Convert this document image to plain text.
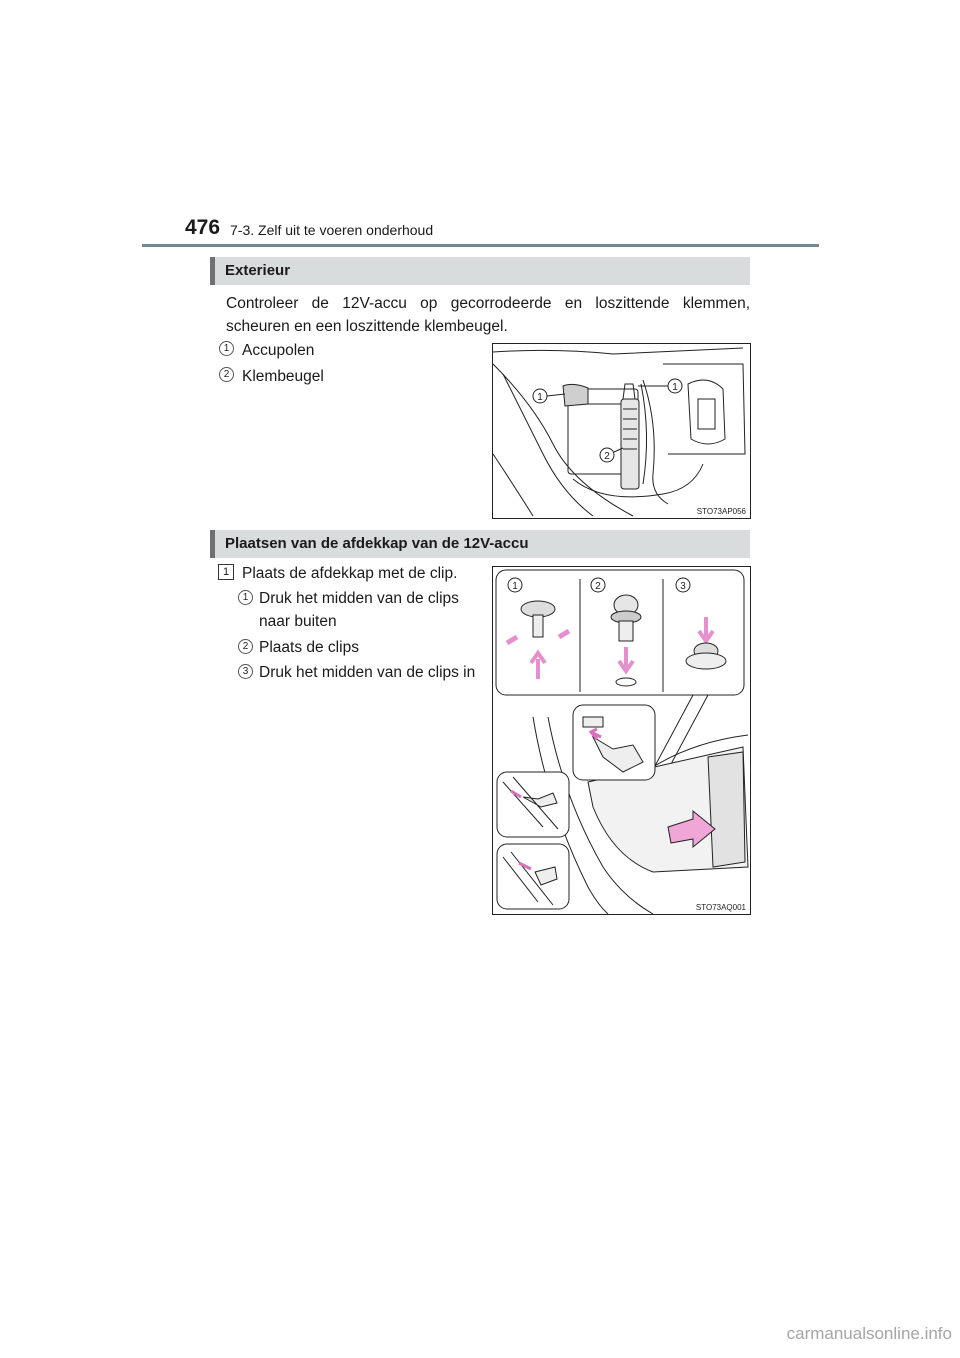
476 7-3. Zelf uit te voeren onderhoud
Exterieur
Controleer de 12V-accu op gecorrodeerde en loszittende klemmen, scheuren en een loszittende klembeugel.
1 Accupolen
2 Klembeugel
1
1
2
STO73AP056
Plaatsen van de afdekkap van de 12V-accu
1 Plaats de afdekkap met de clip.
1 Druk het midden van de clips naar buiten
2 Plaats de clips
3 Druk het midden van de clips in
1	2	3
STO73AQ001
carmanualsonline.info
